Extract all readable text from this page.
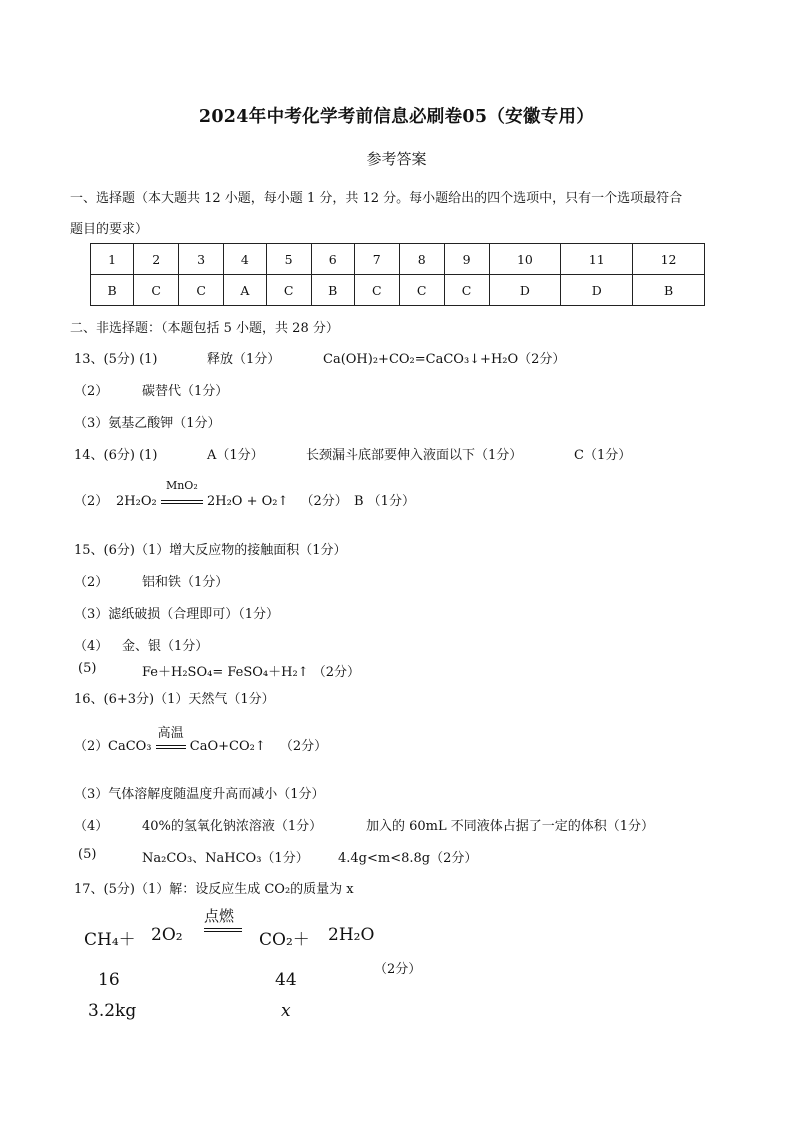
2024年中考化学考前信息必刷卷05（安徽专用）
参考答案
一、选择题（本大题共 12 小题，每小题 1 分，共 12 分。每小题给出的四个选项中，只有一个选项最符合
题目的要求）
1	2	3	4	5	6	7	8	9	10	11	12
B	C	C	A	C	B	C	C	C	D	D	B
二、非选择题：（本题包括 5 小题，共 28 分）
13、(5分) (1)	释放（1分）	Ca(OH)₂+CO₂=CaCO₃↓+H₂O（2分）
（2）	碳替代（1分）
（3）氨基乙酸钾（1分）
14、(6分) (1)	A（1分）	长颈漏斗底部要伸入液面以下（1分）	C（1分）
（2） 2H₂O₂
MnO₂
2H₂O + O₂↑ （2分） B （1分）
15、(6分)（1）增大反应物的接触面积（1分）
（2）	铝和铁（1分）
（3）滤纸破损（合理即可）（1分）
（4） 金、银（1分）
(5)	Fe＋H₂SO₄= FeSO₄＋H₂↑ （2分）
16、(6+3分)（1）天然气（1分）
（2） CaCO₃
高温
CaO+CO₂↑ （2分）
（3）气体溶解度随温度升高而减小（1分）
（4）	40%的氢氧化钠浓溶液（1分）	加入的 60mL 不同液体占据了一定的体积（1分）
(5)	Na₂CO₃、NaHCO₃（1分） 4.4g<m<8.8g（2分）
17、(5分)（1）解：设反应生成 CO₂的质量为 x
CH₄＋ 2O₂
点燃
CO₂＋ 2H₂O
（2分）
16	44
3.2kg	x
